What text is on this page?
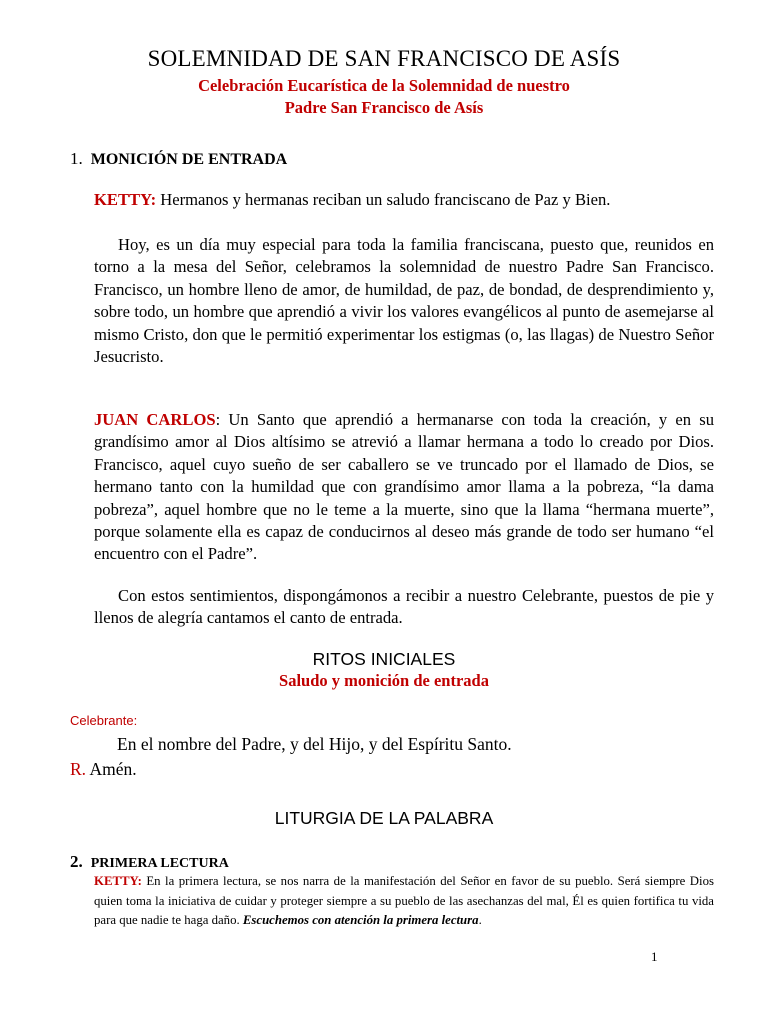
SOLEMNIDAD DE SAN FRANCISCO DE ASÍS
Celebración Eucarística de la Solemnidad de nuestro
Padre San Francisco de Asís
1. MONICIÓN DE ENTRADA

KETTY: Hermanos y hermanas reciban un saludo franciscano de Paz y Bien.

Hoy, es un día muy especial para toda la familia franciscana, puesto que, reunidos en torno a la mesa del Señor, celebramos la solemnidad de nuestro Padre San Francisco. Francisco, un hombre lleno de amor, de humildad, de paz, de bondad, de desprendimiento y, sobre todo, un hombre que aprendió a vivir los valores evangélicos al punto de asemejarse al mismo Cristo, don que le permitió experimentar los estigmas (o, las llagas) de Nuestro Señor Jesucristo.

JUAN CARLOS: Un Santo que aprendió a hermanarse con toda la creación, y en su grandísimo amor al Dios altísimo se atrevió a llamar hermana a todo lo creado por Dios. Francisco, aquel cuyo sueño de ser caballero se ve truncado por el llamado de Dios, se hermano tanto con la humildad que con grandísimo amor llama a la pobreza, “la dama pobreza”, aquel hombre que no le teme a la muerte, sino que la llama “hermana muerte”, porque solamente ella es capaz de conducirnos al deseo más grande de todo ser humano “el encuentro con el Padre”.

Con estos sentimientos, dispongámonos a recibir a nuestro Celebrante, puestos de pie y llenos de alegría cantamos el canto de entrada.

RITOS INICIALES
Saludo y monición de entrada
Celebrante:
En el nombre del Padre, y del Hijo, y del Espíritu Santo.
R. Amén.
LITURGIA DE LA PALABRA
2. PRIMERA LECTURA

KETTY: En la primera lectura, se nos narra de la manifestación del Señor en favor de su pueblo. Será siempre Dios quien toma la iniciativa de cuidar y proteger siempre a su pueblo de las asechanzas del mal, Él es quien fortifica tu vida para que nadie te haga daño. Escuchemos con atención la primera lectura.

1
